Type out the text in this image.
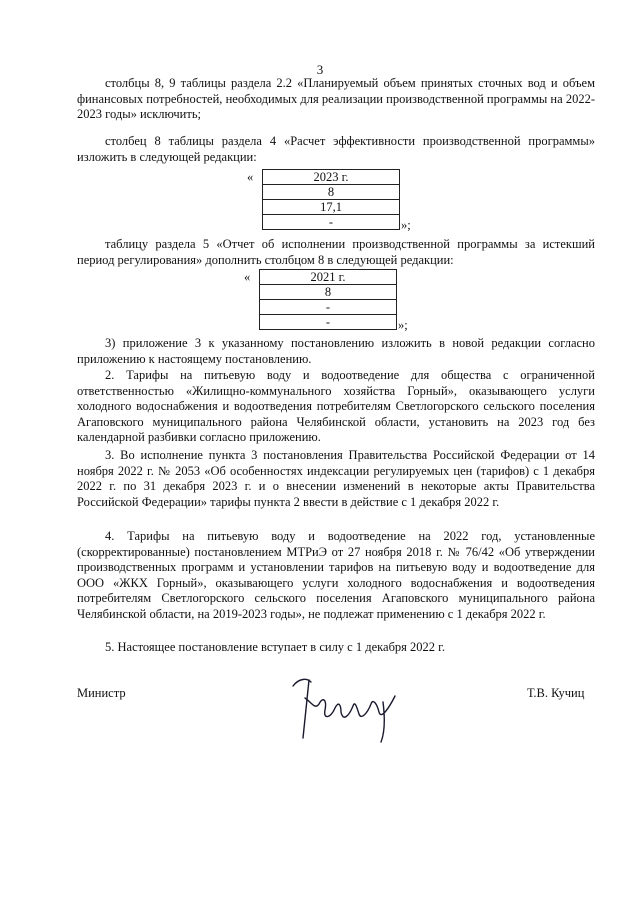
3

столбцы 8, 9 таблицы раздела 2.2 «Планируемый объем принятых сточных вод и объем финансовых потребностей, необходимых для реализации производственной программы на 2022-2023 годы» исключить;

столбец 8 таблицы раздела 4 «Расчет эффективности производственной программы» изложить в следующей редакции:

«	2023 г.
8
17,1
-	»;

таблицу раздела 5 «Отчет об исполнении производственной программы за истекший период регулирования» дополнить столбцом 8 в следующей редакции:

«	2021 г.
8
-
-	»;

3) приложение 3 к указанному постановлению изложить в новой редакции согласно приложению к настоящему постановлению.

2. Тарифы на питьевую воду и водоотведение для общества с ограниченной ответственностью «Жилищно-коммунального хозяйства Горный», оказывающего услуги холодного водоснабжения и водоотведения потребителям Светлогорского сельского поселения Агаповского муниципального района Челябинской области, установить на 2023 год без календарной разбивки согласно приложению.

3. Во исполнение пункта 3 постановления Правительства Российской Федерации от 14 ноября 2022 г. № 2053 «Об особенностях индексации регулируемых цен (тарифов) с 1 декабря 2022 г. по 31 декабря 2023 г. и о внесении изменений в некоторые акты Правительства Российской Федерации» тарифы пункта 2 ввести в действие с 1 декабря 2022 г.

4. Тарифы на питьевую воду и водоотведение на 2022 год, установленные (скорректированные) постановлением МТРиЭ от 27 ноября 2018 г. № 76/42 «Об утверждении производственных программ и установлении тарифов на питьевую воду и водоотведение для ООО «ЖКХ Горный», оказывающего услуги холодного водоснабжения и водоотведения потребителям Светлогорского сельского поселения Агаповского муниципального района Челябинской области, на 2019-2023 годы», не подлежат применению с 1 декабря 2022 г.

5. Настоящее постановление вступает в силу с 1 декабря 2022 г.

Министр	Т.В. Кучиц
